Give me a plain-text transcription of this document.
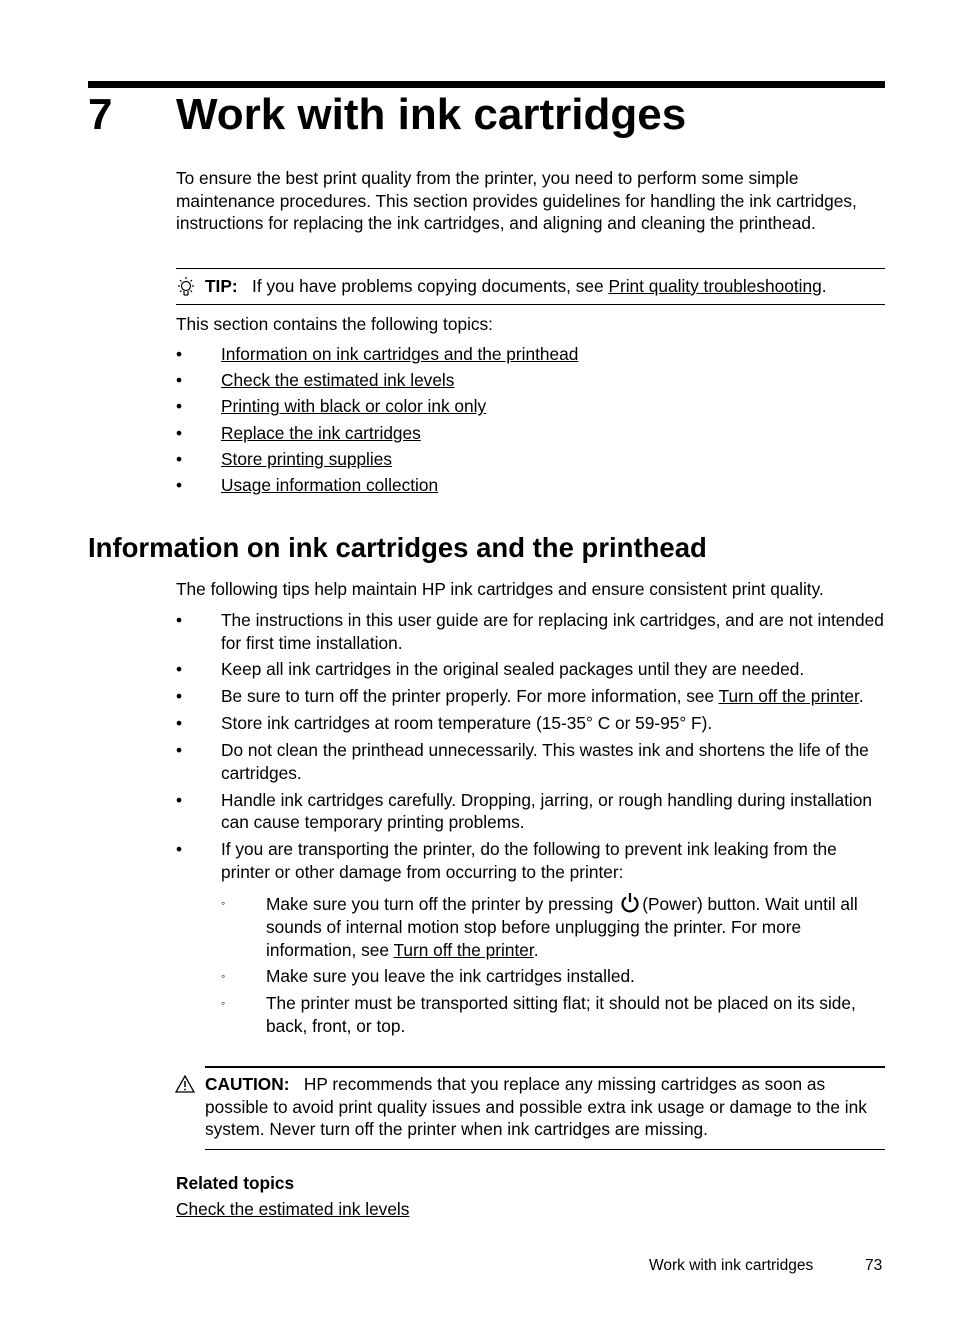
7 Work with ink cartridges
To ensure the best print quality from the printer, you need to perform some simple maintenance procedures. This section provides guidelines for handling the ink cartridges, instructions for replacing the ink cartridges, and aligning and cleaning the printhead.
TIP: If you have problems copying documents, see Print quality troubleshooting.
This section contains the following topics:
• Information on ink cartridges and the printhead
• Check the estimated ink levels
• Printing with black or color ink only
• Replace the ink cartridges
• Store printing supplies
• Usage information collection
Information on ink cartridges and the printhead
The following tips help maintain HP ink cartridges and ensure consistent print quality.
• The instructions in this user guide are for replacing ink cartridges, and are not intended for first time installation.
• Keep all ink cartridges in the original sealed packages until they are needed.
• Be sure to turn off the printer properly. For more information, see Turn off the printer.
• Store ink cartridges at room temperature (15-35° C or 59-95° F).
• Do not clean the printhead unnecessarily. This wastes ink and shortens the life of the cartridges.
• Handle ink cartridges carefully. Dropping, jarring, or rough handling during installation can cause temporary printing problems.
• If you are transporting the printer, do the following to prevent ink leaking from the printer or other damage from occurring to the printer:
◦ Make sure you turn off the printer by pressing (Power) button. Wait until all sounds of internal motion stop before unplugging the printer. For more information, see Turn off the printer.
◦ Make sure you leave the ink cartridges installed.
◦ The printer must be transported sitting flat; it should not be placed on its side, back, front, or top.
CAUTION: HP recommends that you replace any missing cartridges as soon as possible to avoid print quality issues and possible extra ink usage or damage to the ink system. Never turn off the printer when ink cartridges are missing.
Related topics
Check the estimated ink levels
Work with ink cartridges	73
